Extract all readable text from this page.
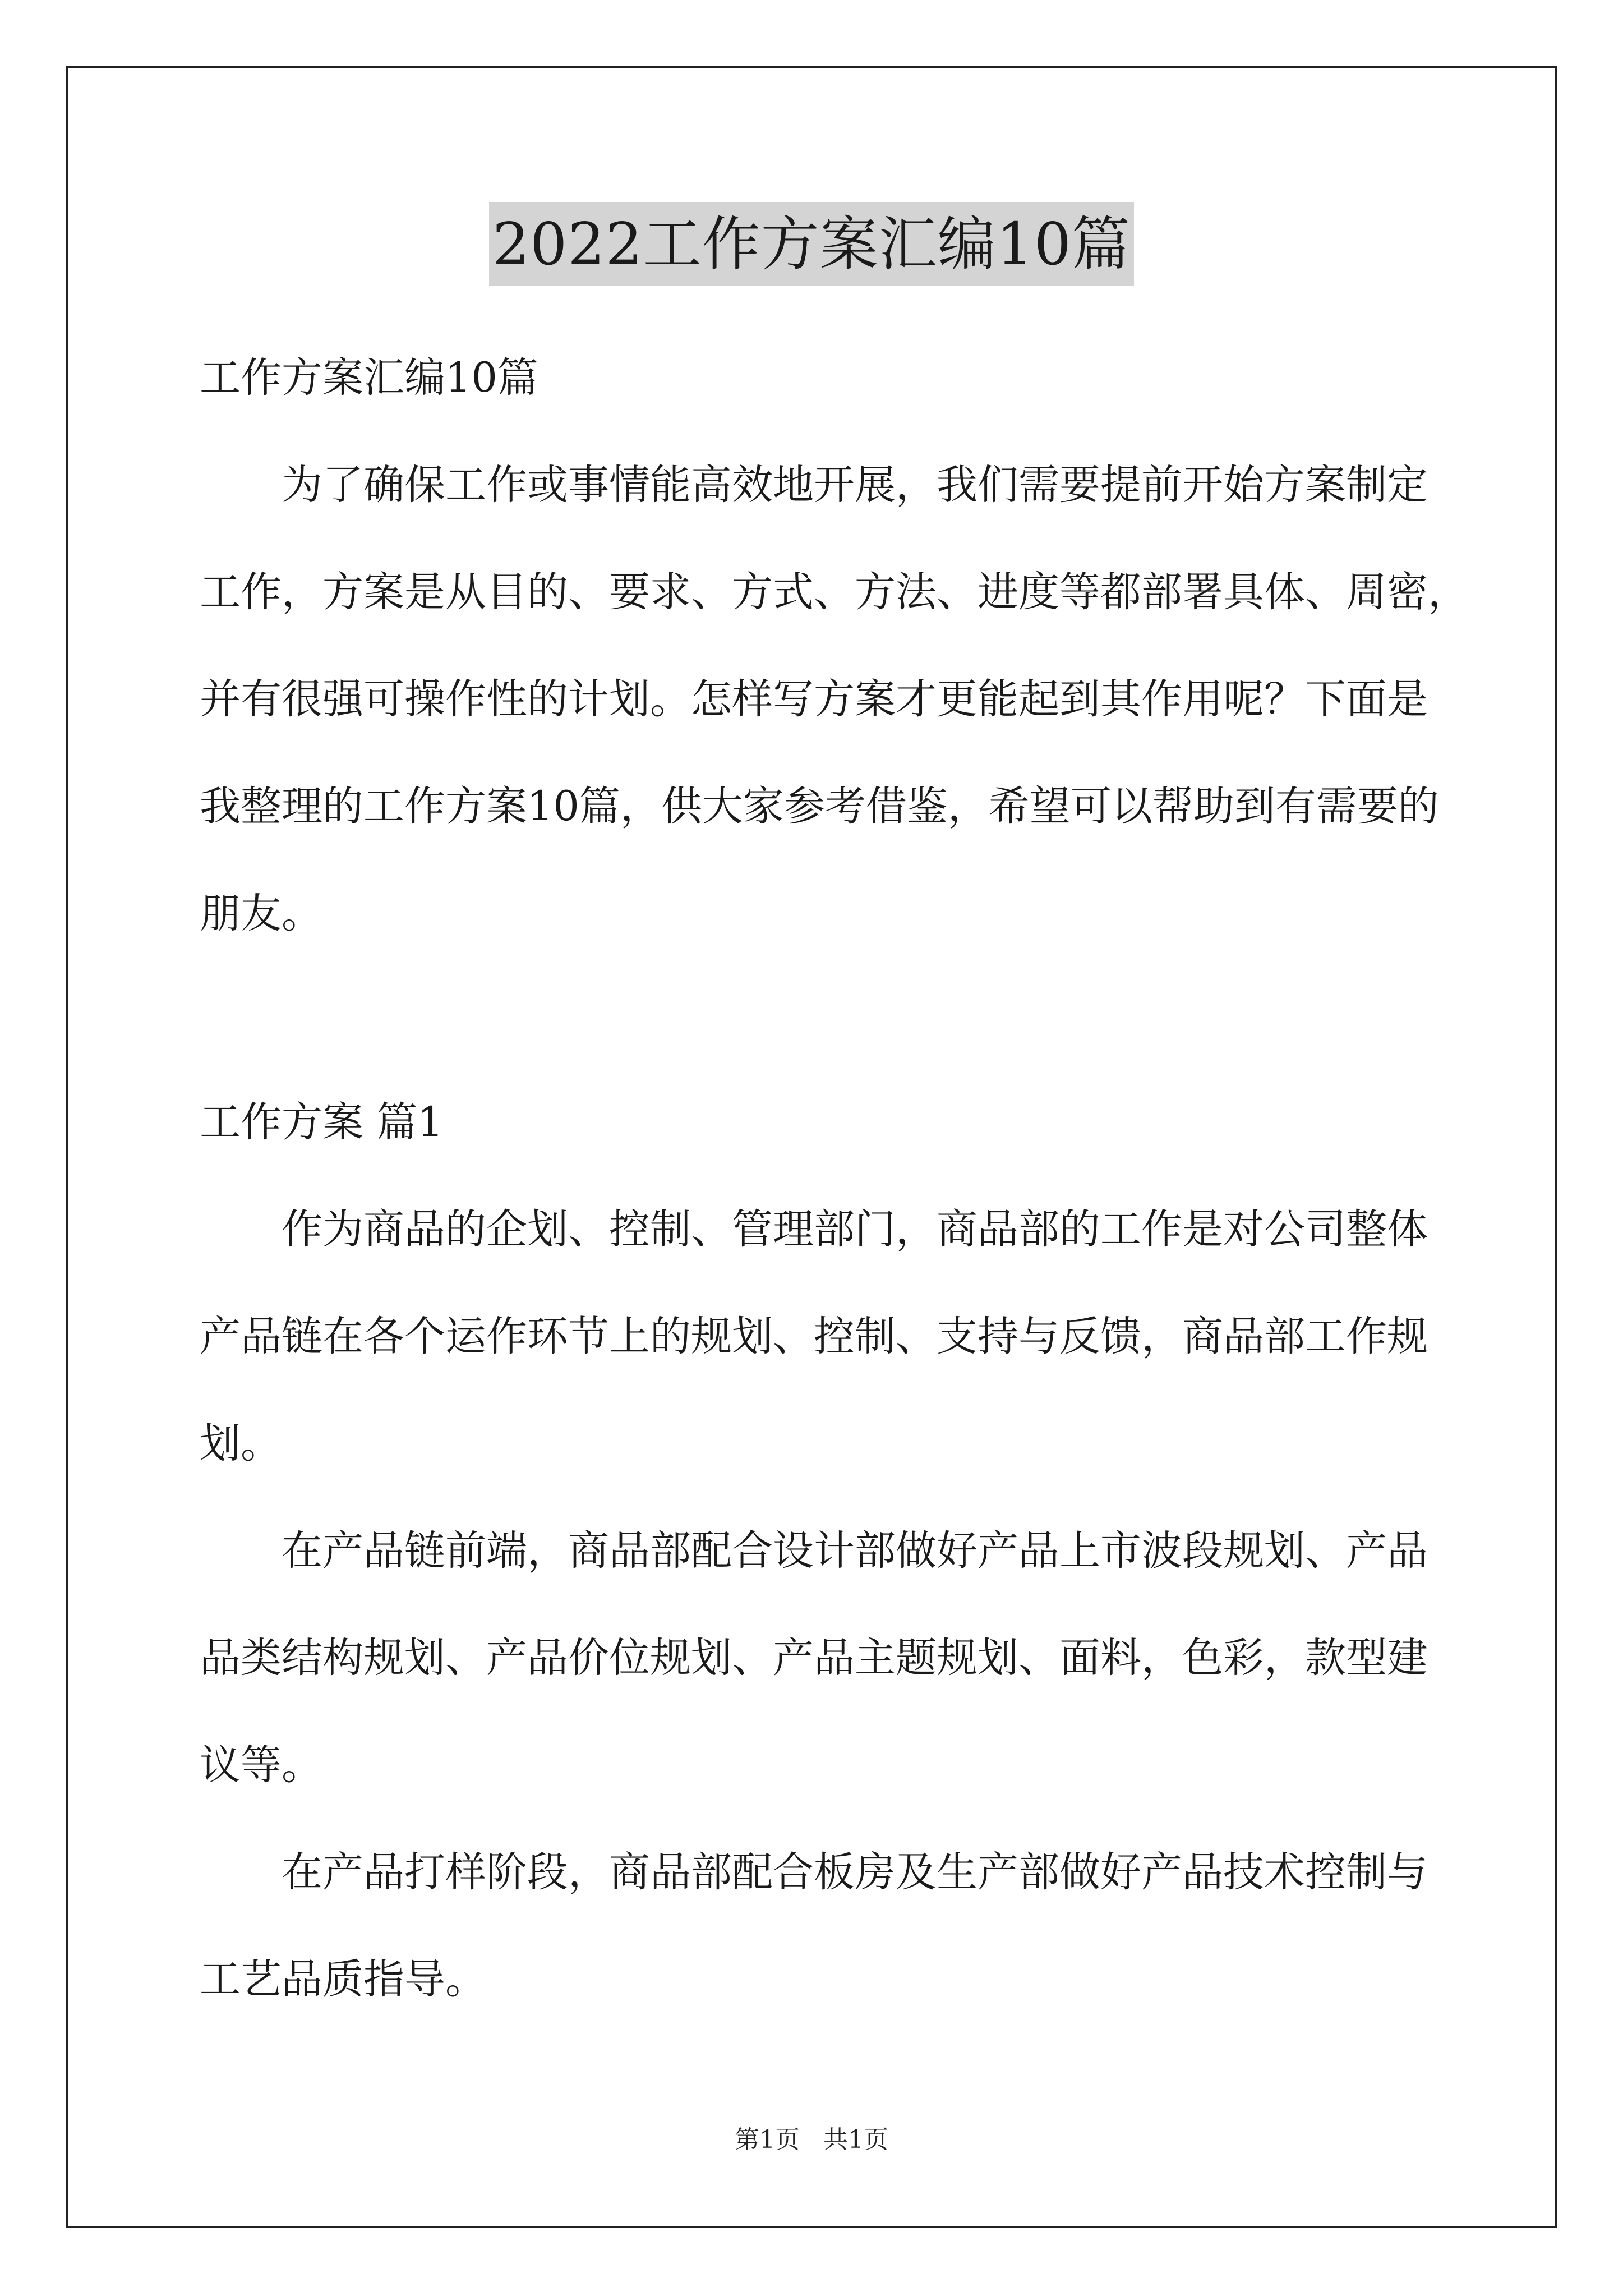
2022工作方案汇编10篇
工作方案汇编10篇
为了确保工作或事情能高效地开展，我们需要提前开始方案制定
工作，方案是从目的、要求、方式、方法、进度等都部署具体、周密，
并有很强可操作性的计划。怎样写方案才更能起到其作用呢？下面是
我整理的工作方案10篇，供大家参考借鉴，希望可以帮助到有需要的
朋友。
工作方案 篇1
作为商品的企划、控制、管理部门，商品部的工作是对公司整体
产品链在各个运作环节上的规划、控制、支持与反馈，商品部工作规
划。
在产品链前端，商品部配合设计部做好产品上市波段规划、产品
品类结构规划、产品价位规划、产品主题规划、面料，色彩，款型建
议等。
在产品打样阶段，商品部配合板房及生产部做好产品技术控制与
工艺品质指导。
第1页 共1页
